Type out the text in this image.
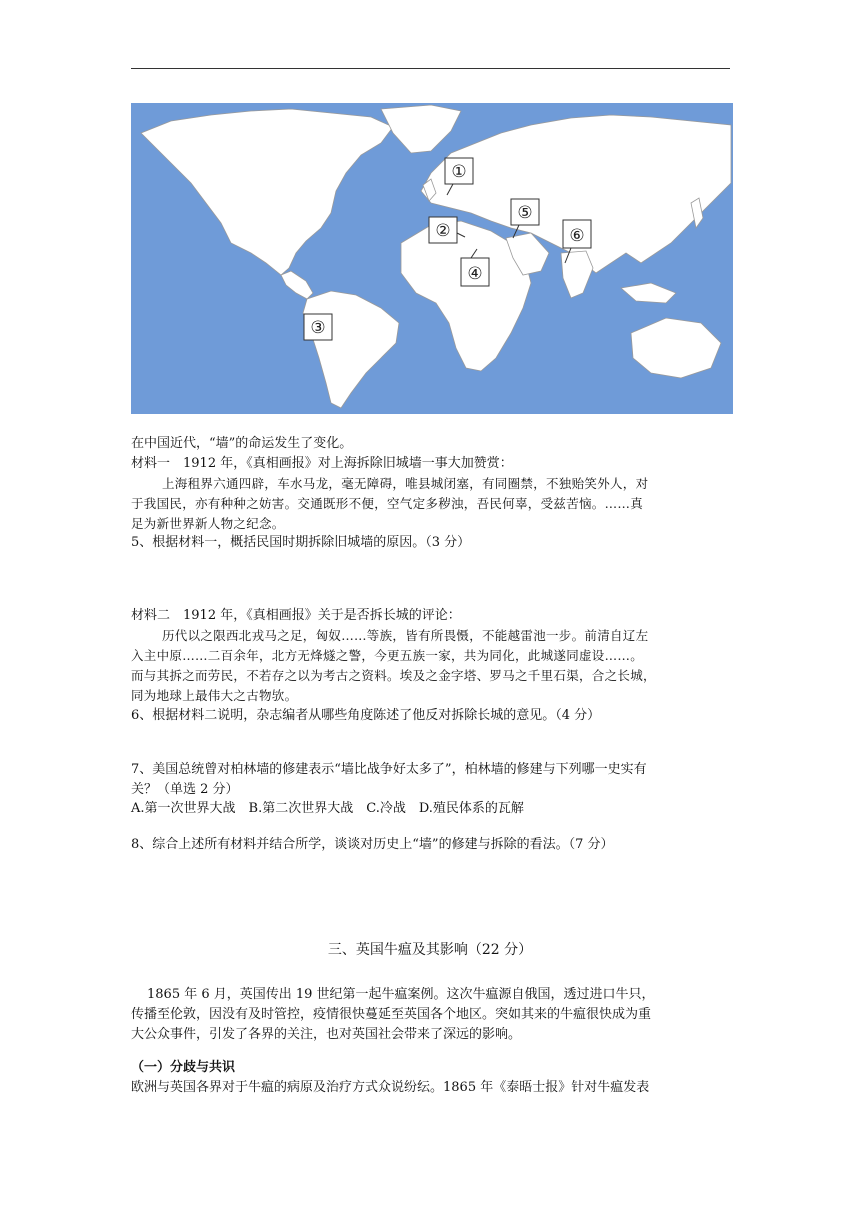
①
②
③
④
⑤
⑥
在中国近代，“墙”的命运发生了变化。
材料一　1912 年，《真相画报》对上海拆除旧城墙一事大加赞赏：
上海租界六通四辟，车水马龙，毫无障碍，唯县城闭塞，有同圈禁，不独贻笑外人，对
于我国民，亦有种种之妨害。交通既形不便，空气定多秽浊，吾民何辜，受兹苦恼。……真
足为新世界新人物之纪念。
5、根据材料一，概括民国时期拆除旧城墙的原因。（3 分）
材料二　1912 年，《真相画报》关于是否拆长城的评论：
历代以之限西北戎马之足，匈奴……等族，皆有所畏慑，不能越雷池一步。前清自辽左
入主中原……二百余年，北方无烽燧之警，今更五族一家，共为同化，此城遂同虚设……。
而与其拆之而劳民，不若存之以为考古之资料。埃及之金字塔、罗马之千里石渠，合之长城，
同为地球上最伟大之古物欤。
6、根据材料二说明，杂志编者从哪些角度陈述了他反对拆除长城的意见。（4 分）
7、美国总统曾对柏林墙的修建表示“墙比战争好太多了”，柏林墙的修建与下列哪一史实有
关？（单选 2 分）
A.第一次世界大战　B.第二次世界大战　C.冷战　D.殖民体系的瓦解
8、综合上述所有材料并结合所学，谈谈对历史上“墙”的修建与拆除的看法。（7 分）
三、英国牛瘟及其影响（22 分）
1865 年 6 月，英国传出 19 世纪第一起牛瘟案例。这次牛瘟源自俄国，透过进口牛只，
传播至伦敦，因没有及时管控，疫情很快蔓延至英国各个地区。突如其来的牛瘟很快成为重
大公众事件，引发了各界的关注，也对英国社会带来了深远的影响。
（一）分歧与共识
欧洲与英国各界对于牛瘟的病原及治疗方式众说纷纭。1865 年《泰晤士报》针对牛瘟发表
